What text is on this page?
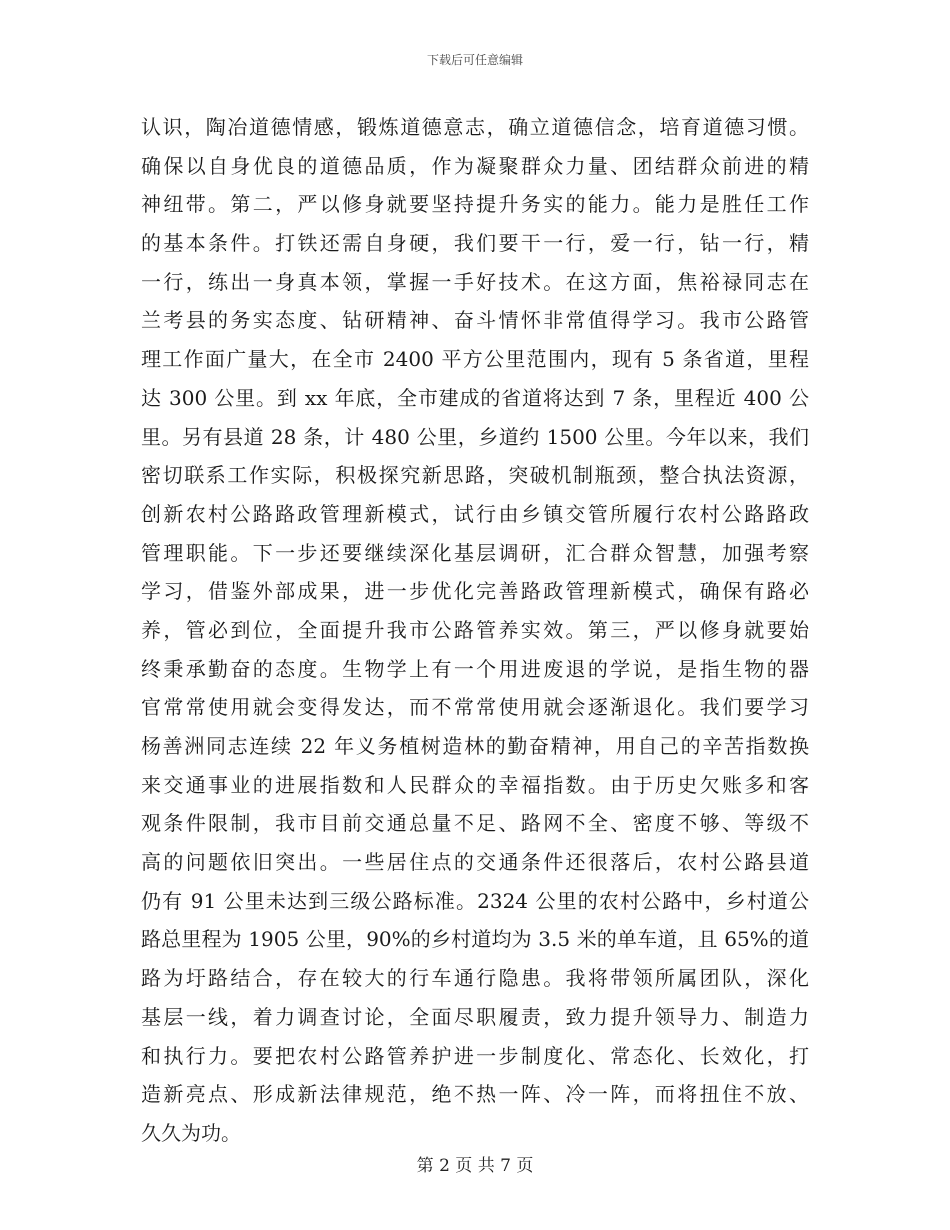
下载后可任意编辑
认识，陶冶道德情感，锻炼道德意志，确立道德信念，培育道德习惯。
确保以自身优良的道德品质，作为凝聚群众力量、团结群众前进的精
神纽带。第二，严以修身就要坚持提升务实的能力。能力是胜任工作
的基本条件。打铁还需自身硬，我们要干一行，爱一行，钻一行，精
一行，练出一身真本领，掌握一手好技术。在这方面，焦裕禄同志在
兰考县的务实态度、钻研精神、奋斗情怀非常值得学习。我市公路管
理工作面广量大，在全市 2400 平方公里范围内，现有 5 条省道，里程
达 300 公里。到 xx 年底，全市建成的省道将达到 7 条，里程近 400 公
里。另有县道 28 条，计 480 公里，乡道约 1500 公里。今年以来，我们
密切联系工作实际，积极探究新思路，突破机制瓶颈，整合执法资源，
创新农村公路路政管理新模式，试行由乡镇交管所履行农村公路路政
管理职能。下一步还要继续深化基层调研，汇合群众智慧，加强考察
学习，借鉴外部成果，进一步优化完善路政管理新模式，确保有路必
养，管必到位，全面提升我市公路管养实效。第三，严以修身就要始
终秉承勤奋的态度。生物学上有一个用进废退的学说，是指生物的器
官常常使用就会变得发达，而不常常使用就会逐渐退化。我们要学习
杨善洲同志连续 22 年义务植树造林的勤奋精神，用自己的辛苦指数换
来交通事业的进展指数和人民群众的幸福指数。由于历史欠账多和客
观条件限制，我市目前交通总量不足、路网不全、密度不够、等级不
高的问题依旧突出。一些居住点的交通条件还很落后，农村公路县道
仍有 91 公里未达到三级公路标准。2324 公里的农村公路中，乡村道公
路总里程为 1905 公里，90%的乡村道均为 3.5 米的单车道，且 65%的道
路为圩路结合，存在较大的行车通行隐患。我将带领所属团队，深化
基层一线，着力调查讨论，全面尽职履责，致力提升领导力、制造力
和执行力。要把农村公路管养护进一步制度化、常态化、长效化，打
造新亮点、形成新法律规范，绝不热一阵、冷一阵，而将扭住不放、
久久为功。
第 2 页 共 7 页
